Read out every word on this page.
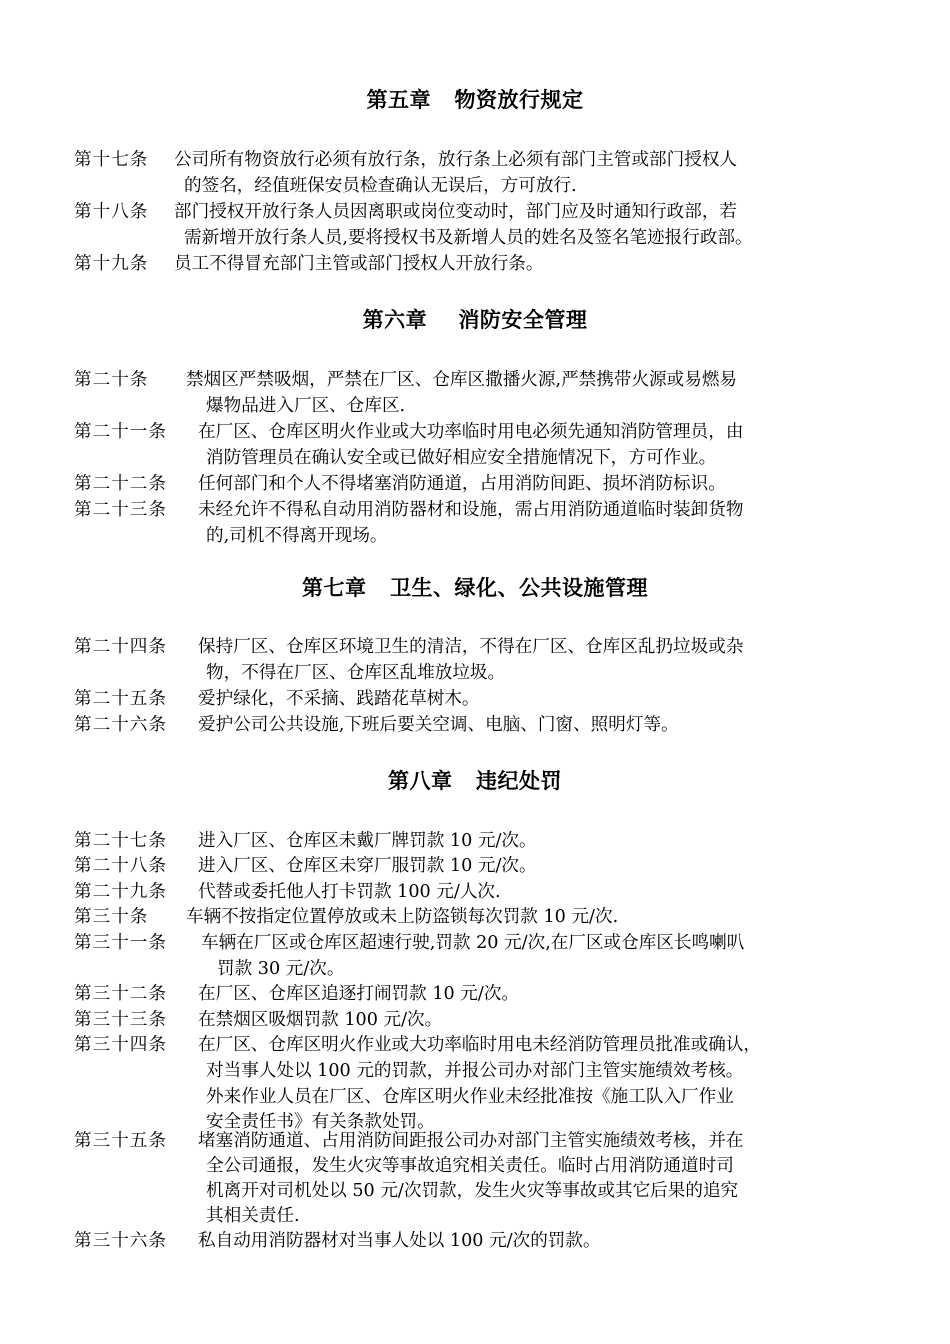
第五章   物资放行规定
第十七条 公司所有物资放行必须有放行条，放行条上必须有部门主管或部门授权人
的签名，经值班保安员检查确认无误后，方可放行.
第十八条 部门授权开放行条人员因离职或岗位变动时，部门应及时通知行政部，若
需新增开放行条人员,要将授权书及新增人员的姓名及签名笔迹报行政部。
第十九条 员工不得冒充部门主管或部门授权人开放行条。
第六章    消防安全管理
第二十条 禁烟区严禁吸烟，严禁在厂区、仓库区撒播火源,严禁携带火源或易燃易
爆物品进入厂区、仓库区.
第二十一条 在厂区、仓库区明火作业或大功率临时用电必须先通知消防管理员，由
消防管理员在确认安全或已做好相应安全措施情况下，方可作业。
第二十二条 任何部门和个人不得堵塞消防通道，占用消防间距、损坏消防标识。
第二十三条 未经允许不得私自动用消防器材和设施，需占用消防通道临时装卸货物
的,司机不得离开现场。
第七章   卫生、绿化、公共设施管理
第二十四条 保持厂区、仓库区环境卫生的清洁，不得在厂区、仓库区乱扔垃圾或杂
物，不得在厂区、仓库区乱堆放垃圾。
第二十五条 爱护绿化，不采摘、践踏花草树木。
第二十六条 爱护公司公共设施,下班后要关空调、电脑、门窗、照明灯等。
第八章   违纪处罚
第二十七条 进入厂区、仓库区未戴厂牌罚款 10 元/次。
第二十八条 进入厂区、仓库区未穿厂服罚款 10 元/次。
第二十九条 代替或委托他人打卡罚款 100 元/人次.
第三十条 车辆不按指定位置停放或未上防盗锁每次罚款 10 元/次.
第三十一条 车辆在厂区或仓库区超速行驶,罚款 20 元/次,在厂区或仓库区长鸣喇叭
罚款 30 元/次。
第三十二条 在厂区、仓库区追逐打闹罚款 10 元/次。
第三十三条 在禁烟区吸烟罚款 100 元/次。
第三十四条 在厂区、仓库区明火作业或大功率临时用电未经消防管理员批准或确认，
对当事人处以 100 元的罚款，并报公司办对部门主管实施绩效考核。
外来作业人员在厂区、仓库区明火作业未经批准按《施工队入厂作业
安全责任书》有关条款处罚。
第三十五条 堵塞消防通道、占用消防间距报公司办对部门主管实施绩效考核，并在
全公司通报，发生火灾等事故追究相关责任。临时占用消防通道时司
机离开对司机处以 50 元/次罚款，发生火灾等事故或其它后果的追究
其相关责任.
第三十六条 私自动用消防器材对当事人处以 100 元/次的罚款。
